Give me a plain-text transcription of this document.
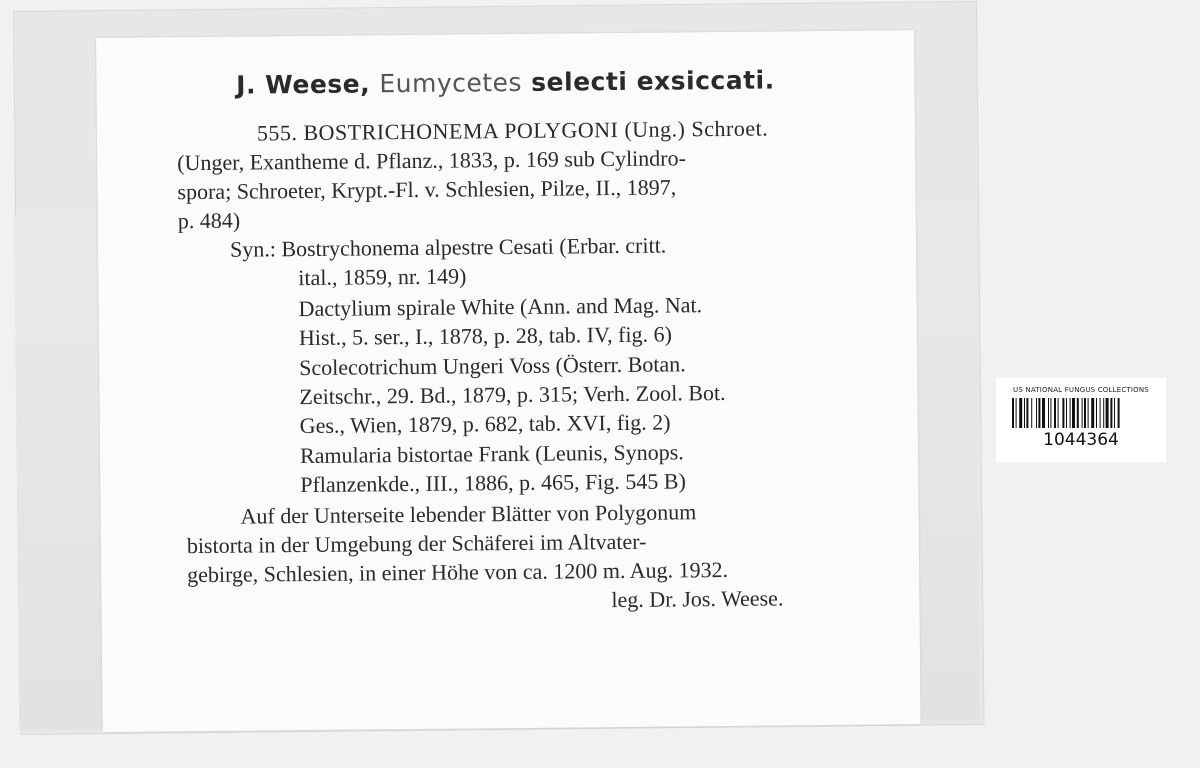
J. Weese, Eumycetes selecti exsiccati.
555. BOSTRICHONEMA POLYGONI (Ung.) Schroet.
(Unger, Exantheme d. Pflanz., 1833, p. 169 sub Cylindro-
spora; Schroeter, Krypt.-Fl. v. Schlesien, Pilze, II., 1897,
p. 484)
Syn.: Bostrychonema alpestre Cesati (Erbar. critt.
ital., 1859, nr. 149)
Dactylium spirale White (Ann. and Mag. Nat.
Hist., 5. ser., I., 1878, p. 28, tab. IV, fig. 6)
Scolecotrichum Ungeri Voss (Österr. Botan.
Zeitschr., 29. Bd., 1879, p. 315; Verh. Zool. Bot.
Ges., Wien, 1879, p. 682, tab. XVI, fig. 2)
Ramularia bistortae Frank (Leunis, Synops.
Pflanzenkde., III., 1886, p. 465, Fig. 545 B)
Auf der Unterseite lebender Blätter von Polygonum
bistorta in der Umgebung der Schäferei im Altvater-
gebirge, Schlesien, in einer Höhe von ca. 1200 m. Aug. 1932.
leg. Dr. Jos. Weese.
US NATIONAL FUNGUS COLLECTIONS
1044364
